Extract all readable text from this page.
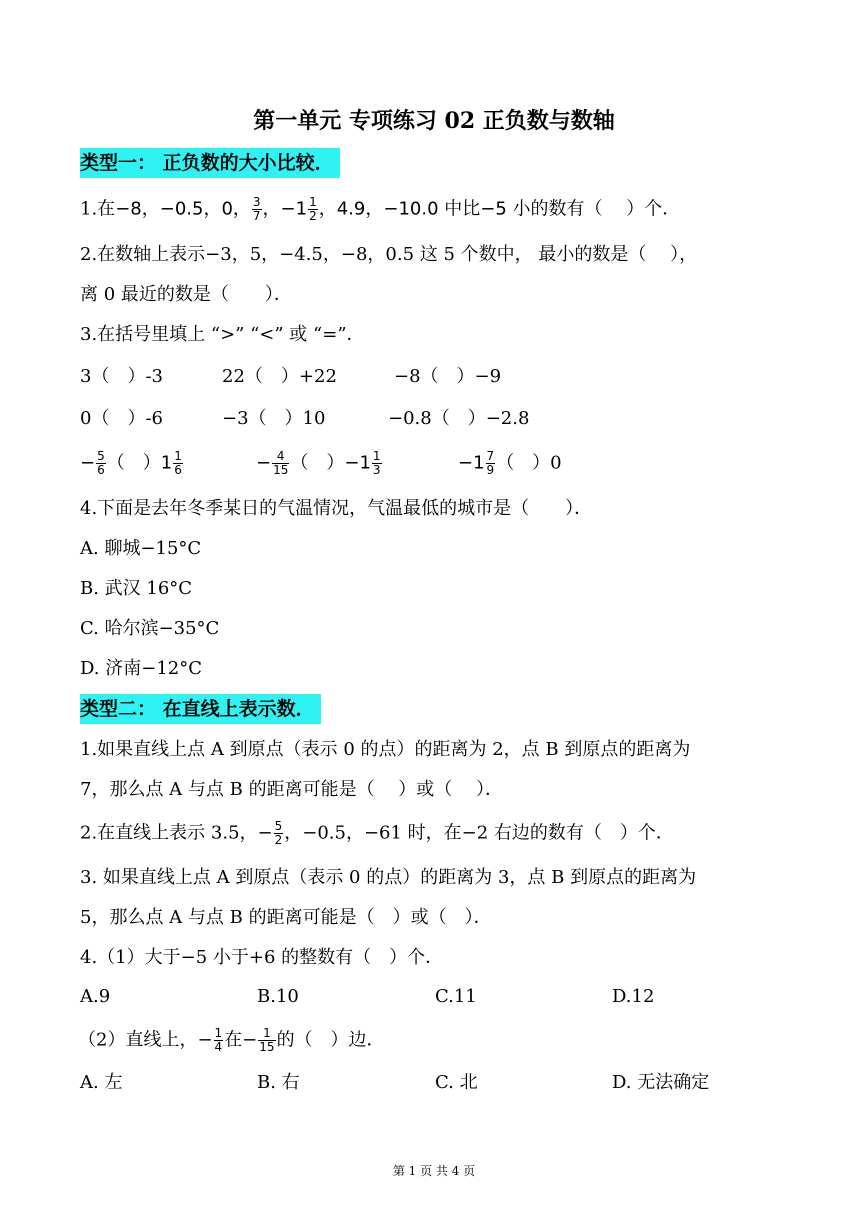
第一单元 专项练习 02 正负数与数轴
类型一： 正负数的大小比较．
1.在−8，−0.5，0， $\frac{3}{7}$ ，$-1 \frac{1}{2}$ ，4.9，−10.0 中比−5 小的数有（　 ）个．
2.在数轴上表示−3，5，−4.5，−8，0.5 这 5 个数中， 最小的数是（　 ），
离 0 最近的数是（　　）．
3.在括号里填上 “>” “<” 或 “=”．
3（　）-3	22（　）+22	−8（　）−9
0（　）-6	−3（　）10	−0.8（　）−2.8
− $\frac{5}{6}$ （　）$1 \frac{1}{6}$	− $\frac{4}{15}$ （　）$-1 \frac{1}{3}$	$-1 \frac{7}{9}$ （　）0
4.下面是去年冬季某日的气温情况，气温最低的城市是（　　）．
A. 聊城−15°C
B. 武汉 16°C
C. 哈尔滨−35°C
D. 济南−12°C
类型二： 在直线上表示数．
1.如果直线上点 A 到原点（表示 0 的点）的距离为 2，点 B 到原点的距离为
7，那么点 A 与点 B 的距离可能是（　 ）或（　 ）．
2.在直线上表示 3.5，− $\frac{5}{2}$ ，−0.5，−61 时，在−2 右边的数有（　）个．
3. 如果直线上点 A 到原点（表示 0 的点）的距离为 3，点 B 到原点的距离为
5，那么点 A 与点 B 的距离可能是（　）或（　）．
4.（1）大于−5 小于+6 的整数有（　）个．
A.9	B.10	C.11	D.12
（2）直线上，− $\frac{1}{4}$ 在− $\frac{1}{15}$ 的（　）边．
A. 左	B. 右	C. 北	D. 无法确定
第 1 页 共 4 页
